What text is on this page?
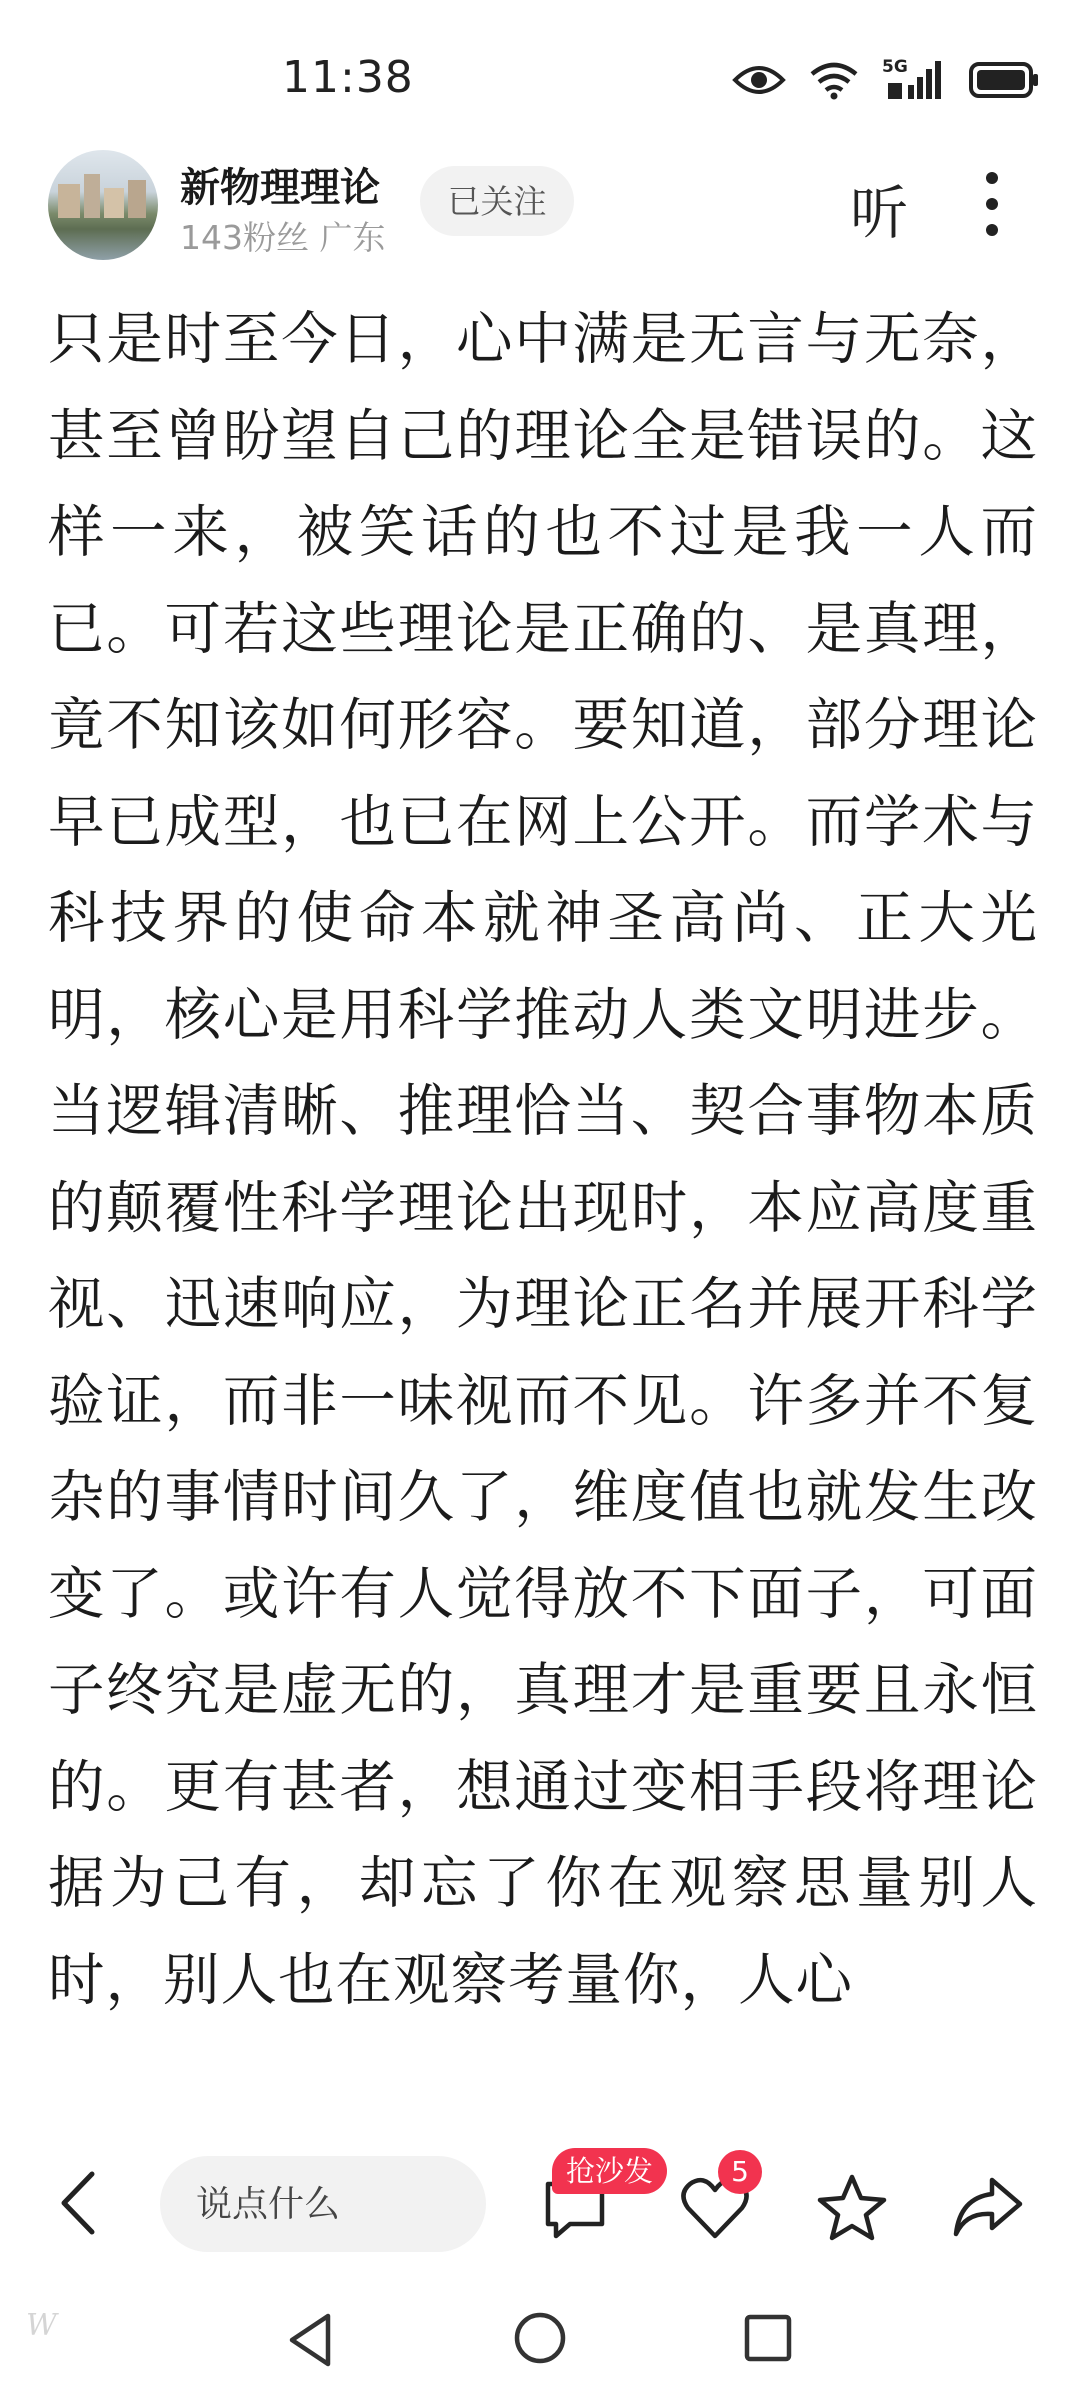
11:38	5G
新物理理论
143粉丝 广东
已关注	听
只是时至今日，心中满是无言与无奈，甚至曾盼望自己的理论全是错误的。这样一来，被笑话的也不过是我一人而已。可若这些理论是正确的、是真理，竟不知该如何形容。要知道，部分理论早已成型，也已在网上公开。而学术与科技界的使命本就神圣高尚、正大光明，核心是用科学推动人类文明进步。当逻辑清晰、推理恰当、契合事物本质的颠覆性科学理论出现时，本应高度重视、迅速响应，为理论正名并展开科学验证，而非一味视而不见。许多并不复杂的事情时间久了，维度值也就发生改变了。或许有人觉得放不下面子，可面子终究是虚无的，真理才是重要且永恒的。更有甚者，想通过变相手段将理论据为己有，却忘了你在观察思量别人时，别人也在观察考量你，人心
说点什么
抢沙发	5
W
